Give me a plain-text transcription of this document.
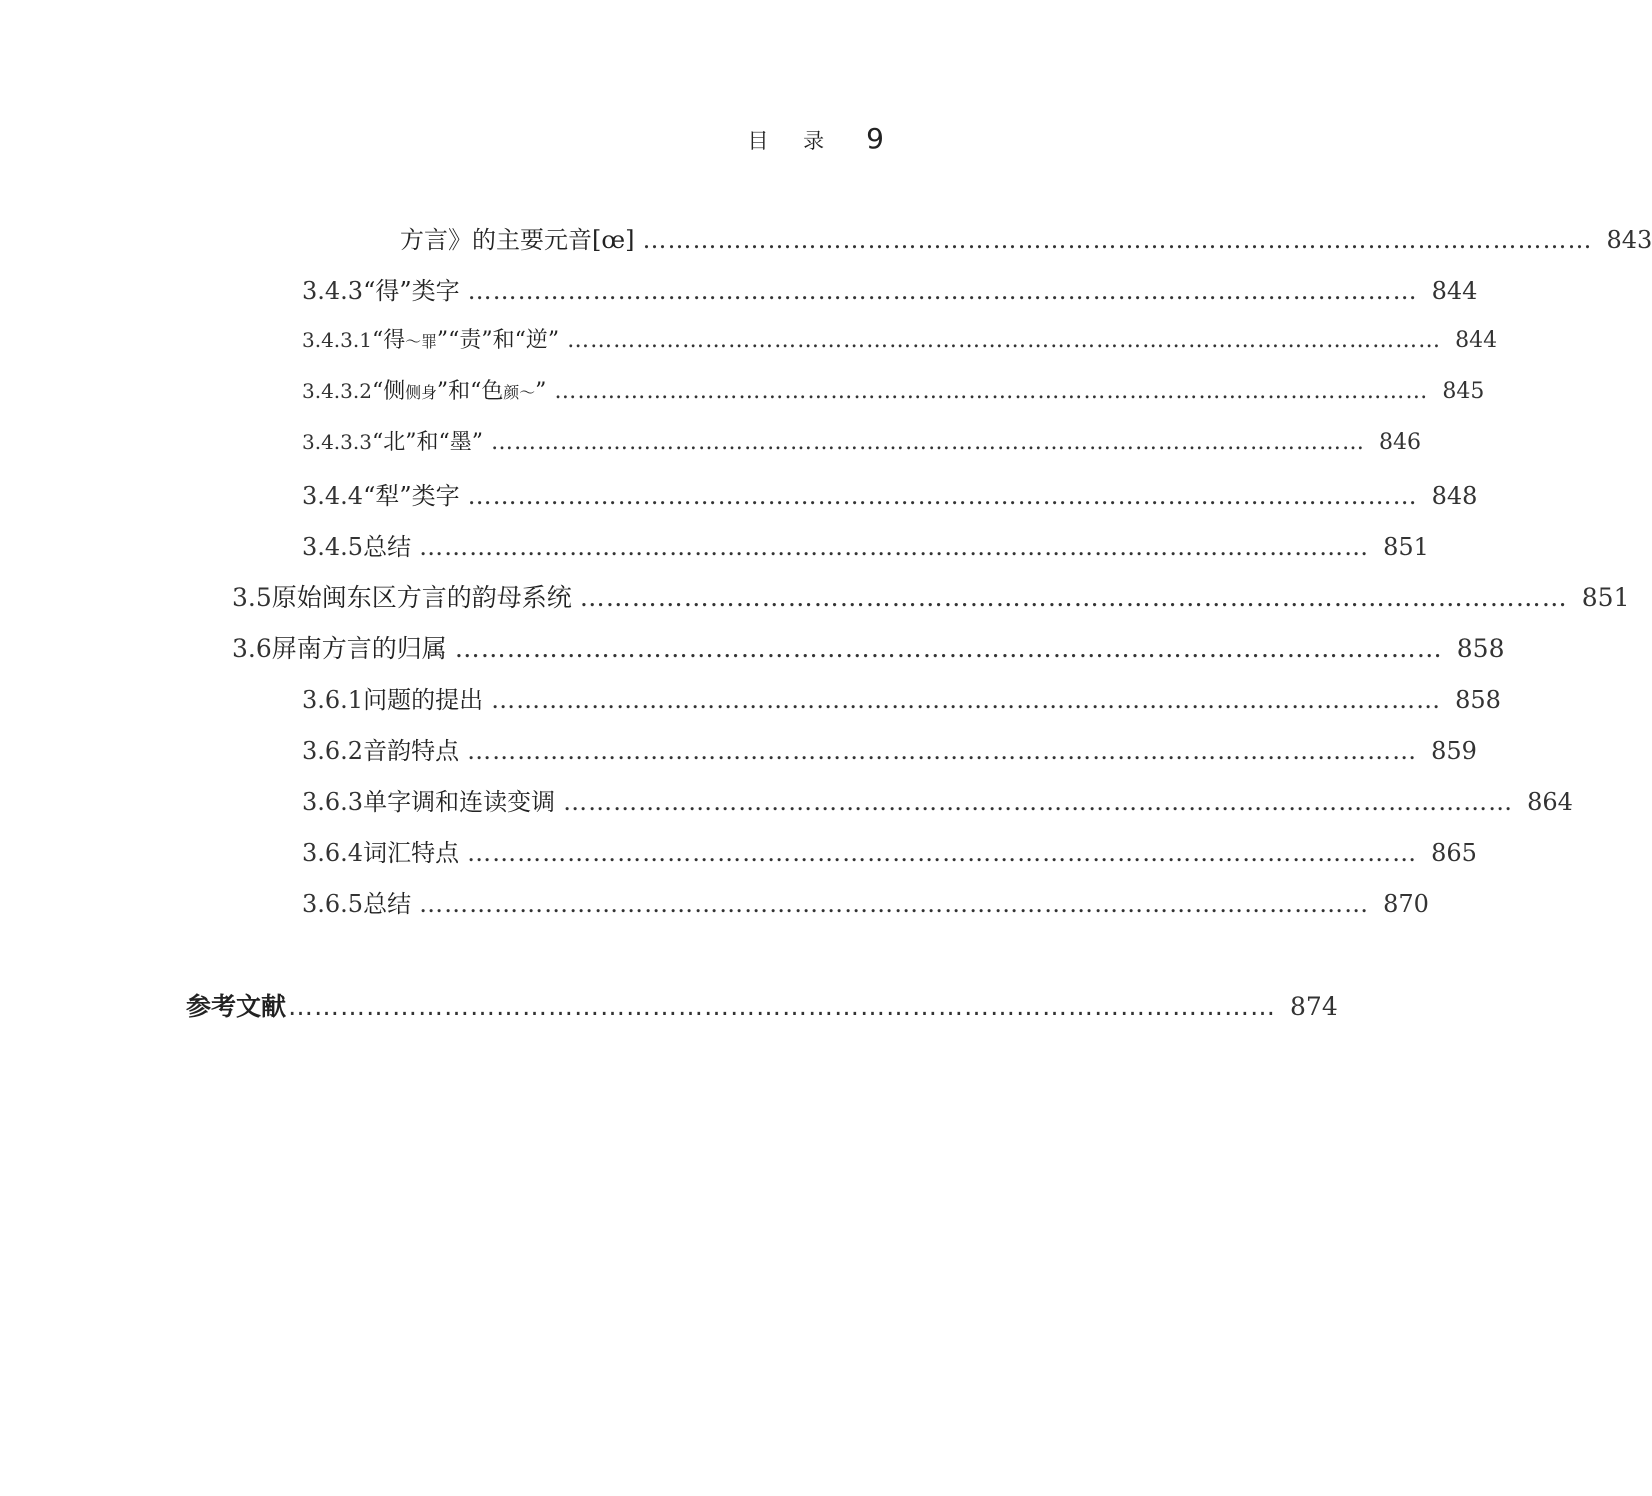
目 录 9
方言》的主要元音[œ] …………………………………………………………………………………………………… 843
3.4.3 “得”类字 …………………………………………………………………………………………………… 844
3.4.3.1 “得～罪”“责”和“逆” …………………………………………………………………………………………………… 844
3.4.3.2 “侧侧身”和“色颜～” …………………………………………………………………………………………………… 845
3.4.3.3 “北”和“墨” …………………………………………………………………………………………………… 846
3.4.4 “犁”类字 …………………………………………………………………………………………………… 848
3.4.5 总结 …………………………………………………………………………………………………… 851
3.5 原始闽东区方言的韵母系统 …………………………………………………………………………………………………… 851
3.6 屏南方言的归属 …………………………………………………………………………………………………… 858
3.6.1 问题的提出 …………………………………………………………………………………………………… 858
3.6.2 音韵特点 …………………………………………………………………………………………………… 859
3.6.3 单字调和连读变调 …………………………………………………………………………………………………… 864
3.6.4 词汇特点 …………………………………………………………………………………………………… 865
3.6.5 总结 …………………………………………………………………………………………………… 870
参考文献 …………………………………………………………………………………………………… 874
